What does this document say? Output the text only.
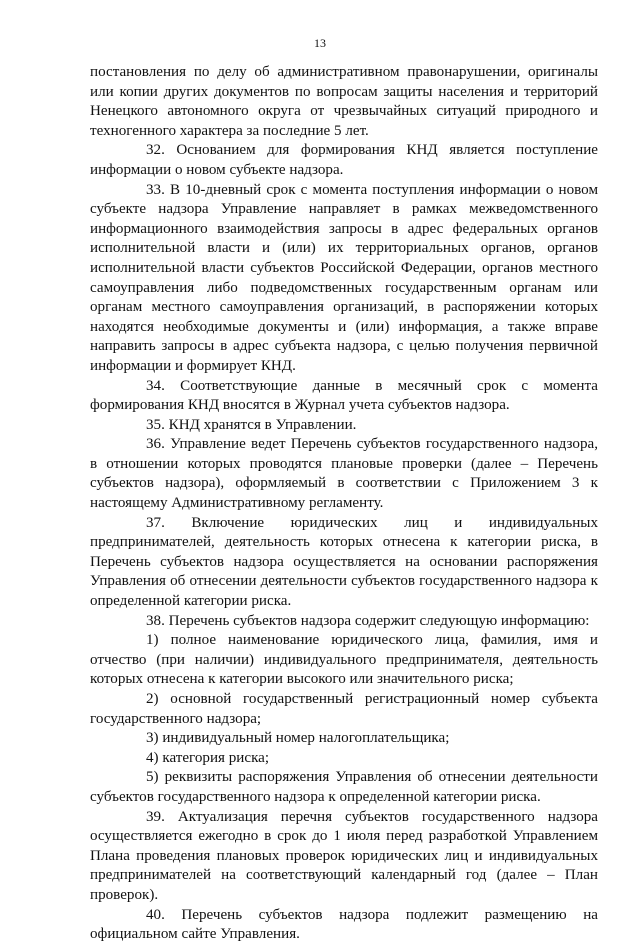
13

постановления по делу об административном правонарушении, оригиналы или копии других документов по вопросам защиты населения и территорий Ненецкого автономного округа от чрезвычайных ситуаций природного и техногенного характера за последние 5 лет.

32. Основанием для формирования КНД является поступление информации о новом субъекте надзора.

33. В 10-дневный срок с момента поступления информации о новом субъекте надзора Управление направляет в рамках межведомственного информационного взаимодействия запросы в адрес федеральных органов исполнительной власти и (или) их территориальных органов, органов исполнительной власти субъектов Российской Федерации, органов местного самоуправления либо подведомственных государственным органам или органам местного самоуправления организаций, в распоряжении которых находятся необходимые документы и (или) информация, а также вправе направить запросы в адрес субъекта надзора, с целью получения первичной информации и формирует КНД.

34. Соответствующие данные в месячный срок с момента формирования КНД вносятся в Журнал учета субъектов надзора.

35. КНД хранятся в Управлении.

36. Управление ведет Перечень субъектов государственного надзора, в отношении которых проводятся плановые проверки (далее – Перечень субъектов надзора), оформляемый в соответствии с Приложением 3 к настоящему Административному регламенту.

37. Включение юридических лиц и индивидуальных предпринимателей, деятельность которых отнесена к категории риска, в Перечень субъектов надзора осуществляется на основании распоряжения Управления об отнесении деятельности субъектов государственного надзора к определенной категории риска.

38. Перечень субъектов надзора содержит следующую информацию:

1) полное наименование юридического лица, фамилия, имя и отчество (при наличии) индивидуального предпринимателя, деятельность которых отнесена к категории высокого или значительного риска;

2) основной государственный регистрационный номер субъекта государственного надзора;

3) индивидуальный номер налогоплательщика;

4) категория риска;

5) реквизиты распоряжения Управления об отнесении деятельности субъектов государственного надзора к определенной категории риска.

39. Актуализация перечня субъектов государственного надзора осуществляется ежегодно в срок до 1 июля перед разработкой Управлением Плана проведения плановых проверок юридических лиц и индивидуальных предпринимателей на соответствующий календарный год (далее – План проверок).

40. Перечень субъектов надзора подлежит размещению на официальном сайте Управления.
